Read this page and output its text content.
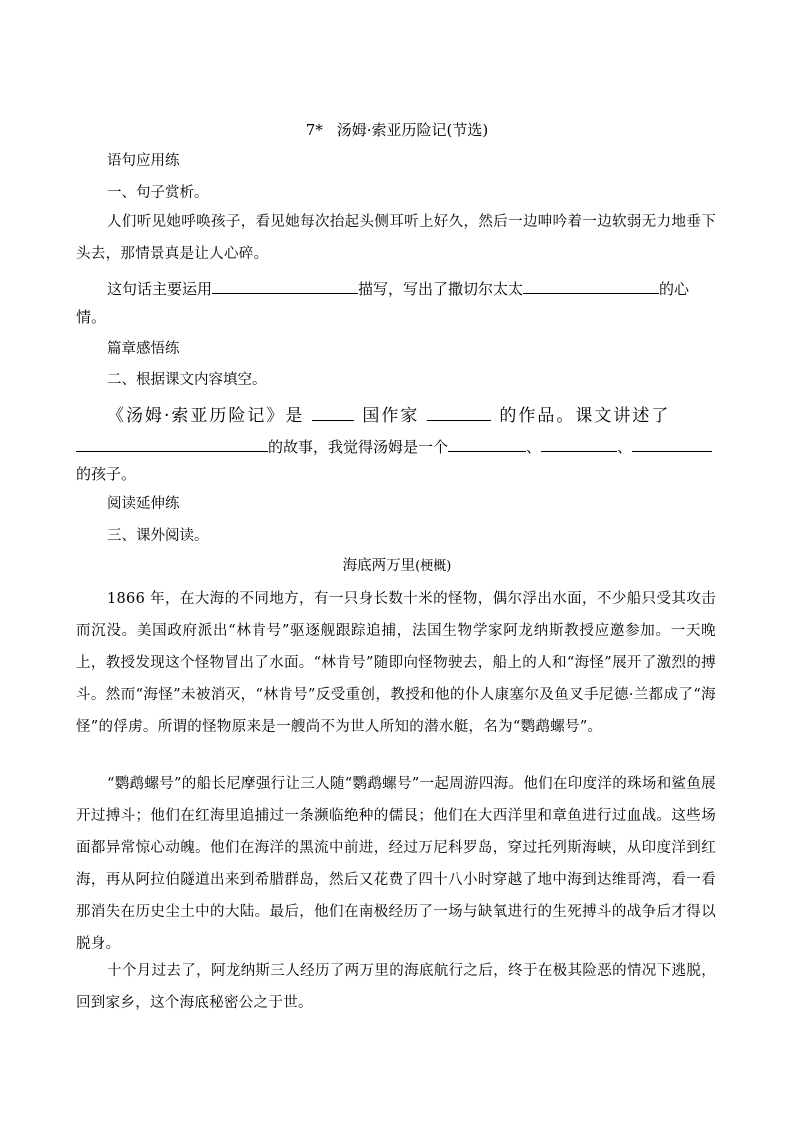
7* 汤姆·索亚历险记(节选)
语句应用练
一、句子赏析。
人们听见她呼唤孩子，看见她每次抬起头侧耳听上好久，然后一边呻吟着一边软弱无力地垂下头去，那情景真是让人心碎。
这句话主要运用	描写，写出了撒切尔太太	的心
情。
篇章感悟练
二、根据课文内容填空。
《汤姆·索亚历险记》是	国作家	的作品。课文讲述了
的故事，我觉得汤姆是一个	、	、
的孩子。
阅读延伸练
三、课外阅读。
海底两万里(梗概)
1866 年，在大海的不同地方，有一只身长数十米的怪物，偶尔浮出水面，不少船只受其攻击而沉没。美国政府派出“林肯号”驱逐舰跟踪追捕，法国生物学家阿龙纳斯教授应邀参加。一天晚上，教授发现这个怪物冒出了水面。“林肯号”随即向怪物驶去，船上的人和“海怪”展开了激烈的搏斗。然而“海怪”未被消灭，“林肯号”反受重创，教授和他的仆人康塞尔及鱼叉手尼德·兰都成了“海怪”的俘虏。所谓的怪物原来是一艘尚不为世人所知的潜水艇，名为“鹦鹉螺号”。
“鹦鹉螺号”的船长尼摩强行让三人随“鹦鹉螺号”一起周游四海。他们在印度洋的珠场和鲨鱼展开过搏斗；他们在红海里追捕过一条濒临绝种的儒艮；他们在大西洋里和章鱼进行过血战。这些场面都异常惊心动魄。他们在海洋的黑流中前进，经过万尼科罗岛，穿过托列斯海峡，从印度洋到红海，再从阿拉伯隧道出来到希腊群岛，然后又花费了四十八小时穿越了地中海到达维哥湾，看一看那消失在历史尘土中的大陆。最后，他们在南极经历了一场与缺氧进行的生死搏斗的战争后才得以脱身。
十个月过去了，阿龙纳斯三人经历了两万里的海底航行之后，终于在极其险恶的情况下逃脱，回到家乡，这个海底秘密公之于世。
